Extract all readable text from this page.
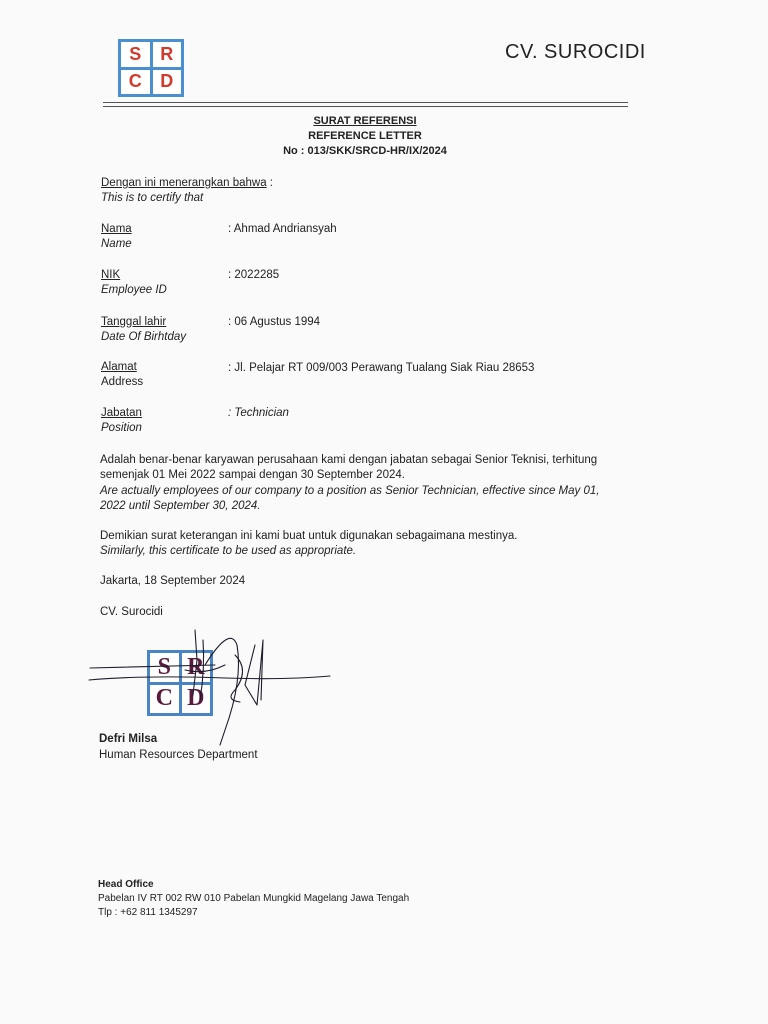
S	R
C	D
CV. SUROCIDI
SURAT REFERENSI
REFERENCE LETTER
No : 013/SKK/SRCD-HR/IX/2024
Dengan ini menerangkan bahwa :
This is to certify that
Nama
Name
: Ahmad Andriansyah
NIK
Employee ID
: 2022285
Tanggal lahir
Date Of Birhtday
: 06 Agustus 1994
Alamat
Address
: Jl. Pelajar RT 009/003 Perawang Tualang Siak Riau 28653
Jabatan
Position
: Technician
Adalah benar-benar karyawan perusahaan kami dengan jabatan sebagai Senior Teknisi, terhitung
semenjak 01 Mei 2022 sampai dengan 30 September 2024.
Are actually employees of our company to a position as Senior Technician, effective since May 01,
2022 until September 30, 2024.
Demikian surat keterangan ini kami buat untuk digunakan sebagaimana mestinya.
Similarly, this certificate to be used as appropriate.
Jakarta, 18 September 2024
CV. Surocidi
S R
C D
Defri Milsa
Human Resources Department
Head Office
Pabelan IV RT 002 RW 010 Pabelan Mungkid Magelang Jawa Tengah
Tlp : +62 811 1345297
